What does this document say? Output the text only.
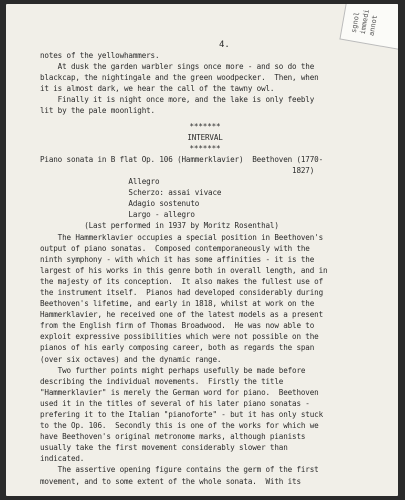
sgnol
immedi
annot
4.
notes of the yellowhammers.
At dusk the garden warbler sings once more - and so do the
blackcap, the nightingale and the green woodpecker.  Then, when
it is almost dark, we hear the call of the tawny owl.
Finally it is night once more, and the lake is only feebly
lit by the pale moonlight.
*******
INTERVAL
*******
Piano sonata in B flat Op. 106 (Hammerklavier)  Beethoven (1770-
1827)
Allegro
Scherzo: assai vivace
Adagio sostenuto
Largo - allegro
(Last performed in 1937 by Moritz Rosenthal)
The Hammerklavier occupies a special position in Beethoven's
output of piano sonatas.  Composed contemporaneously with the
ninth symphony - with which it has some affinities - it is the
largest of his works in this genre both in overall length, and in
the majesty of its conception.  It also makes the fullest use of
the instrument itself.  Pianos had developed considerably during
Beethoven's lifetime, and early in 1818, whilst at work on the
Hammerklavier, he received one of the latest models as a present
from the English firm of Thomas Broadwood.  He was now able to
exploit expressive possibilities which were not possible on the
pianos of his early composing career, both as regards the span
(over six octaves) and the dynamic range.
Two further points might perhaps usefully be made before
describing the individual movements.  Firstly the title
"Hammerklavier" is merely the German word for piano.  Beethoven
used it in the titles of several of his later piano sonatas -
prefering it to the Italian "pianoforte" - but it has only stuck
to the Op. 106.  Secondly this is one of the works for which we
have Beethoven's original metronome marks, although pianists
usually take the first movement considerably slower than
indicated.
The assertive opening figure contains the germ of the first
movement, and to some extent of the whole sonata.  With its
